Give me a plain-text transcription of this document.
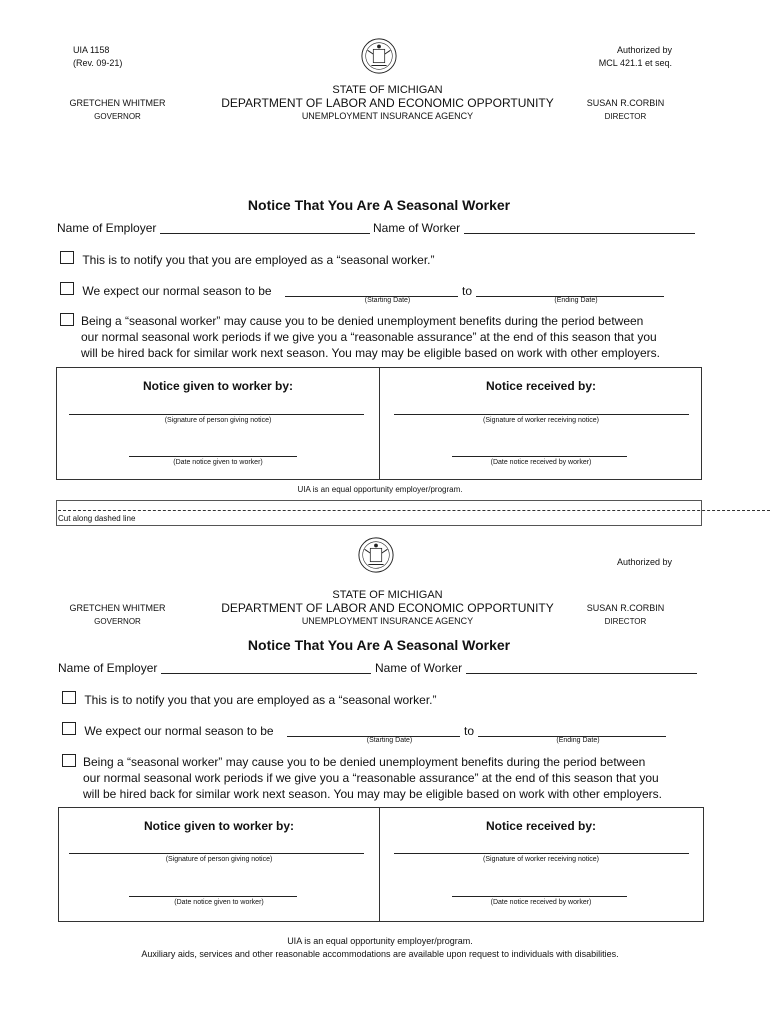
UIA 1158
(Rev. 09-21)
Authorized by
MCL 421.1 et seq.
STATE OF MICHIGAN
DEPARTMENT OF LABOR AND ECONOMIC OPPORTUNITY
UNEMPLOYMENT INSURANCE AGENCY
GRETCHEN WHITMER
GOVERNOR
SUSAN R.CORBIN
DIRECTOR
Notice That You Are A Seasonal Worker
Name of Employer	Name of Worker
This is to notify you that you are employed as a “seasonal worker.”
We expect our normal season to be	to
(Starting Date)	(Ending Date)
Being a “seasonal worker” may cause you to be denied unemployment benefits during the period between
our normal seasonal work periods if we give you a “reasonable assurance” at the end of this season that you
will be hired back for similar work next season. You may may be eligible based on work with other employers.
Notice given to worker by:	Notice received by:
(Signature of person giving notice)	(Signature of worker receiving notice)
(Date notice given to worker)	(Date notice received by worker)
UIA is an equal opportunity employer/program.
Cut along dashed line
Authorized by
STATE OF MICHIGAN
DEPARTMENT OF LABOR AND ECONOMIC OPPORTUNITY
UNEMPLOYMENT INSURANCE AGENCY
GRETCHEN WHITMER
GOVERNOR
SUSAN R.CORBIN
DIRECTOR
Notice That You Are A Seasonal Worker
Name of Employer	Name of Worker
This is to notify you that you are employed as a “seasonal worker.”
We expect our normal season to be	to
(Starting Date)	(Ending Date)
Being a “seasonal worker” may cause you to be denied unemployment benefits during the period between
our normal seasonal work periods if we give you a “reasonable assurance” at the end of this season that you
will be hired back for similar work next season. You may may be eligible based on work with other employers.
Notice given to worker by:	Notice received by:
(Signature of person giving notice)	(Signature of worker receiving notice)
(Date notice given to worker)	(Date notice received by worker)
UIA is an equal opportunity employer/program.
Auxiliary aids, services and other reasonable accommodations are available upon request to individuals with disabilities.
